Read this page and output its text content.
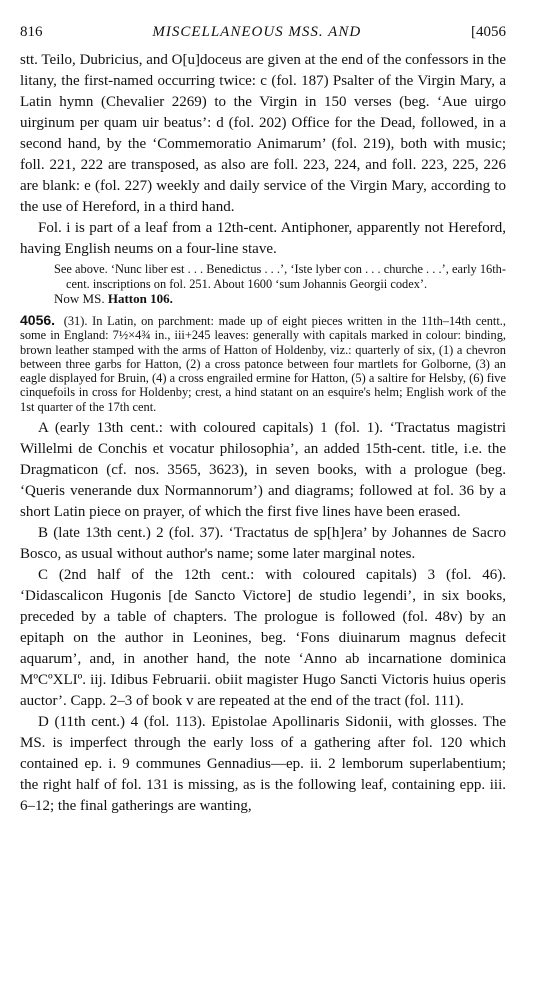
816	MISCELLANEOUS MSS. AND	[4056

stt. Teilo, Dubricius, and O[u]doceus are given at the end of the confessors in the litany, the first-named occurring twice: c (fol. 187) Psalter of the Virgin Mary, a Latin hymn (Chevalier 2269) to the Virgin in 150 verses (beg. ‘Aue uirgo uirginum per quam uir beatus’: d (fol. 202) Office for the Dead, followed, in a second hand, by the ‘Commemoratio Animarum’ (fol. 219), both with music; foll. 221, 222 are transposed, as also are foll. 223, 224, and foll. 223, 225, 226 are blank: e (fol. 227) weekly and daily service of the Virgin Mary, according to the use of Hereford, in a third hand.

Fol. i is part of a leaf from a 12th-cent. Antiphoner, apparently not Hereford, having English neums on a four-line stave.

See above. ‘Nunc liber est . . . Benedictus . . .’, ‘Iste lyber con . . . churche . . .’, early 16th-cent. inscriptions on fol. 251. About 1600 ‘sum Johannis Georgii codex’.

Now MS. Hatton 106.

4056. (31). In Latin, on parchment: made up of eight pieces written in the 11th–14th centt., some in England: 7½×4¾ in., iii+245 leaves: generally with capitals marked in colour: binding, brown leather stamped with the arms of Hatton of Holdenby, viz.: quarterly of six, (1) a chevron between three garbs for Hatton, (2) a cross patonce between four martlets for Golborne, (3) an eagle displayed for Bruin, (4) a cross engrailed ermine for Hatton, (5) a saltire for Helsby, (6) five cinquefoils in cross for Holdenby; crest, a hind statant on an esquire's helm; English work of the 1st quarter of the 17th cent.

A (early 13th cent.: with coloured capitals) 1 (fol. 1). ‘Tractatus magistri Willelmi de Conchis et vocatur philosophia’, an added 15th-cent. title, i.e. the Dragmaticon (cf. nos. 3565, 3623), in seven books, with a prologue (beg. ‘Queris venerande dux Normannorum’) and diagrams; followed at fol. 36 by a short Latin piece on prayer, of which the first five lines have been erased.

B (late 13th cent.) 2 (fol. 37). ‘Tractatus de sp[h]era’ by Johannes de Sacro Bosco, as usual without author's name; some later marginal notes.

C (2nd half of the 12th cent.: with coloured capitals) 3 (fol. 46). ‘Didascalicon Hugonis [de Sancto Victore] de studio legendi’, in six books, preceded by a table of chapters. The prologue is followed (fol. 48v) by an epitaph on the author in Leonines, beg. ‘Fons diuinarum magnus defecit aquarum’, and, in another hand, the note ‘Anno ab incarnatione dominica MºCºXLIº. iij. Idibus Februarii. obiit magister Hugo Sancti Victoris huius operis auctor’. Capp. 2–3 of book v are repeated at the end of the tract (fol. 111).

D (11th cent.) 4 (fol. 113). Epistolae Apollinaris Sidonii, with glosses. The MS. is imperfect through the early loss of a gathering after fol. 120 which contained ep. i. 9 communes Gennadius—ep. ii. 2 lemborum superlabentium; the right half of fol. 131 is missing, as is the following leaf, containing epp. iii. 6–12; the final gatherings are wanting,
